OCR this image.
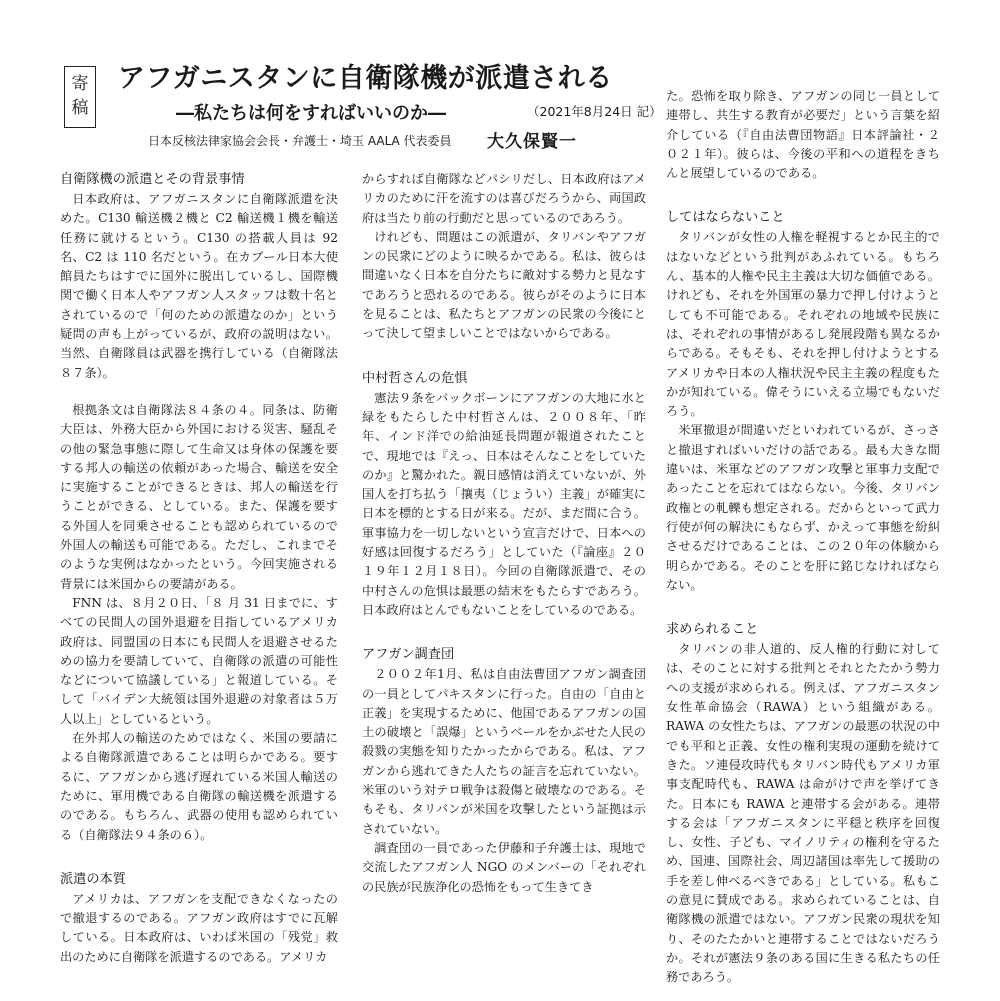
寄
稿
アフガニスタンに自衛隊機が派遣される
―私たちは何をすればいいのか―	（2021年8月24日 記）
日本反核法律家協会会長・弁護士・埼玉 AALA 代表委員 大久保賢一
自衛隊機の派遣とその背景事情

日本政府は、アフガニスタンに自衛隊派遣を決めた。C130 輸送機２機と C2 輸送機１機を輸送任務に就けるという。C130 の搭載人員は 92 名、C2 は 110 名だという。在カブール日本大使館員たちはすでに国外に脱出しているし、国際機関で働く日本人やアフガン人スタッフは数十名とされているので「何のための派遣なのか」という疑問の声も上がっているが、政府の説明はない。当然、自衛隊員は武器を携行している（自衛隊法８７条）。

根拠条文は自衛隊法８４条の４。同条は、防衛大臣は、外務大臣から外国における災害、騒乱その他の緊急事態に際して生命又は身体の保護を要する邦人の輸送の依頼があった場合、輸送を安全に実施することができるときは、邦人の輸送を行うことができる、としている。また、保護を要する外国人を同乗させることも認められているので外国人の輸送も可能である。ただし、これまでそのような実例はなかったという。今回実施される背景には米国からの要請がある。

FNN は、８月２０日、「８ 月 31 日までに、すべての民間人の国外退避を目指しているアメリカ政府は、同盟国の日本にも民間人を退避させるための協力を要請していて、自衛隊の派遣の可能性などについて協議している」と報道している。そして「バイデン大統領は国外退避の対象者は５万人以上」としているという。

在外邦人の輸送のためではなく、米国の要請による自衛隊派遣であることは明らかである。要するに、アフガンから逃げ遅れている米国人輸送のために、軍用機である自衛隊の輸送機を派遣するのである。もちろん、武器の使用も認められている（自衛隊法９４条の６）。

派遣の本質

アメリカは、アフガンを支配できなくなったので撤退するのである。アフガン政府はすでに瓦解している。日本政府は、いわば米国の「残党」救出のために自衛隊を派遣するのである。アメリカ

からすれば自衛隊などパシリだし、日本政府はアメリカのために汗を流すのは喜びだろうから、両国政府は当たり前の行動だと思っているのであろう。

けれども、問題はこの派遣が、タリバンやアフガンの民衆にどのように映るかである。私は、彼らは間違いなく日本を自分たちに敵対する勢力と見なすであろうと恐れるのである。彼らがそのように日本を見ることは、私たちとアフガンの民衆の今後にとって決して望ましいことではないからである。

中村哲さんの危惧

憲法９条をバックボーンにアフガンの大地に水と緑をもたらした中村哲さんは、２００８年、「昨年、インド洋での給油延長問題が報道されたことで、現地では『えっ、日本はそんなことをしていたのか』と驚かれた。親日感情は消えていないが、外国人を打ち払う「攘夷（じょうい）主義」が確実に日本を標的とする日が来る。だが、まだ間に合う。軍事協力を一切しないという宣言だけで、日本への好感は回復するだろう」としていた（『論座』２０１９年１２月１８日）。今回の自衛隊派遣で、その中村さんの危惧は最悪の結末をもたらすであろう。日本政府はとんでもないことをしているのである。

アフガン調査団

２００２年1月、私は自由法曹団アフガン調査団の一員としてパキスタンに行った。自由の「自由と正義」を実現するために、他国であるアフガンの国土の破壊と「誤爆」というベールをかぶせた人民の殺戮の実態を知りたかったからである。私は、アフガンから逃れてきた人たちの証言を忘れていない。米軍のいう対テロ戦争は殺傷と破壊なのである。そもそも、タリバンが米国を攻撃したという証拠は示されていない。

調査団の一員であった伊藤和子弁護士は、現地で交流したアフガン人 NGO のメンバーの「それぞれの民族が民族浄化の恐怖をもって生きてき

た。恐怖を取り除き、アフガンの同じ一員として連帯し、共生する教育が必要だ」という言葉を紹介している（『自由法曹団物語』日本評論社・２０２１年）。彼らは、今後の平和への道程をきちんと展望しているのである。

してはならないこと

タリバンが女性の人権を軽視するとか民主的ではないなどという批判があふれている。もちろん、基本的人権や民主主義は大切な価値である。けれども、それを外国軍の暴力で押し付けようとしても不可能である。それぞれの地域や民族には、それぞれの事情があるし発展段階も異なるからである。そもそも、それを押し付けようとするアメリカや日本の人権状況や民主主義の程度もたかが知れている。偉そうにいえる立場でもないだろう。

米軍撤退が間違いだといわれているが、さっさと撤退すればいいだけの話である。最も大きな間違いは、米軍などのアフガン攻撃と軍事力支配であったことを忘れてはならない。今後、タリバン政権との軋轢も想定される。だからといって武力行使が何の解決にもならず、かえって事態を紛糾させるだけであることは、この２０年の体験から明らかである。そのことを肝に銘じなければならない。

求められること

タリバンの非人道的、反人権的行動に対しては、そのことに対する批判とそれとたたかう勢力への支援が求められる。例えば、アフガニスタン女性革命協会（RAWA）という組織がある。RAWA の女性たちは、アフガンの最悪の状況の中でも平和と正義、女性の権利実現の運動を続けてきた。ソ連侵攻時代もタリバン時代もアメリカ軍事支配時代も、RAWA は命がけで声を挙げてきた。日本にも RAWA と連帯する会がある。連帯する会は「アフガニスタンに平穏と秩序を回復し、女性、子ども、マイノリティの権利を守るため、国連、国際社会、周辺諸国は率先して援助の手を差し伸べるべきである」としている。私もこの意見に賛成である。求められていることは、自衛隊機の派遣ではない。アフガン民衆の現状を知り、そのたたかいと連帯することではないだろうか。それが憲法９条のある国に生きる私たちの任務であろう。
